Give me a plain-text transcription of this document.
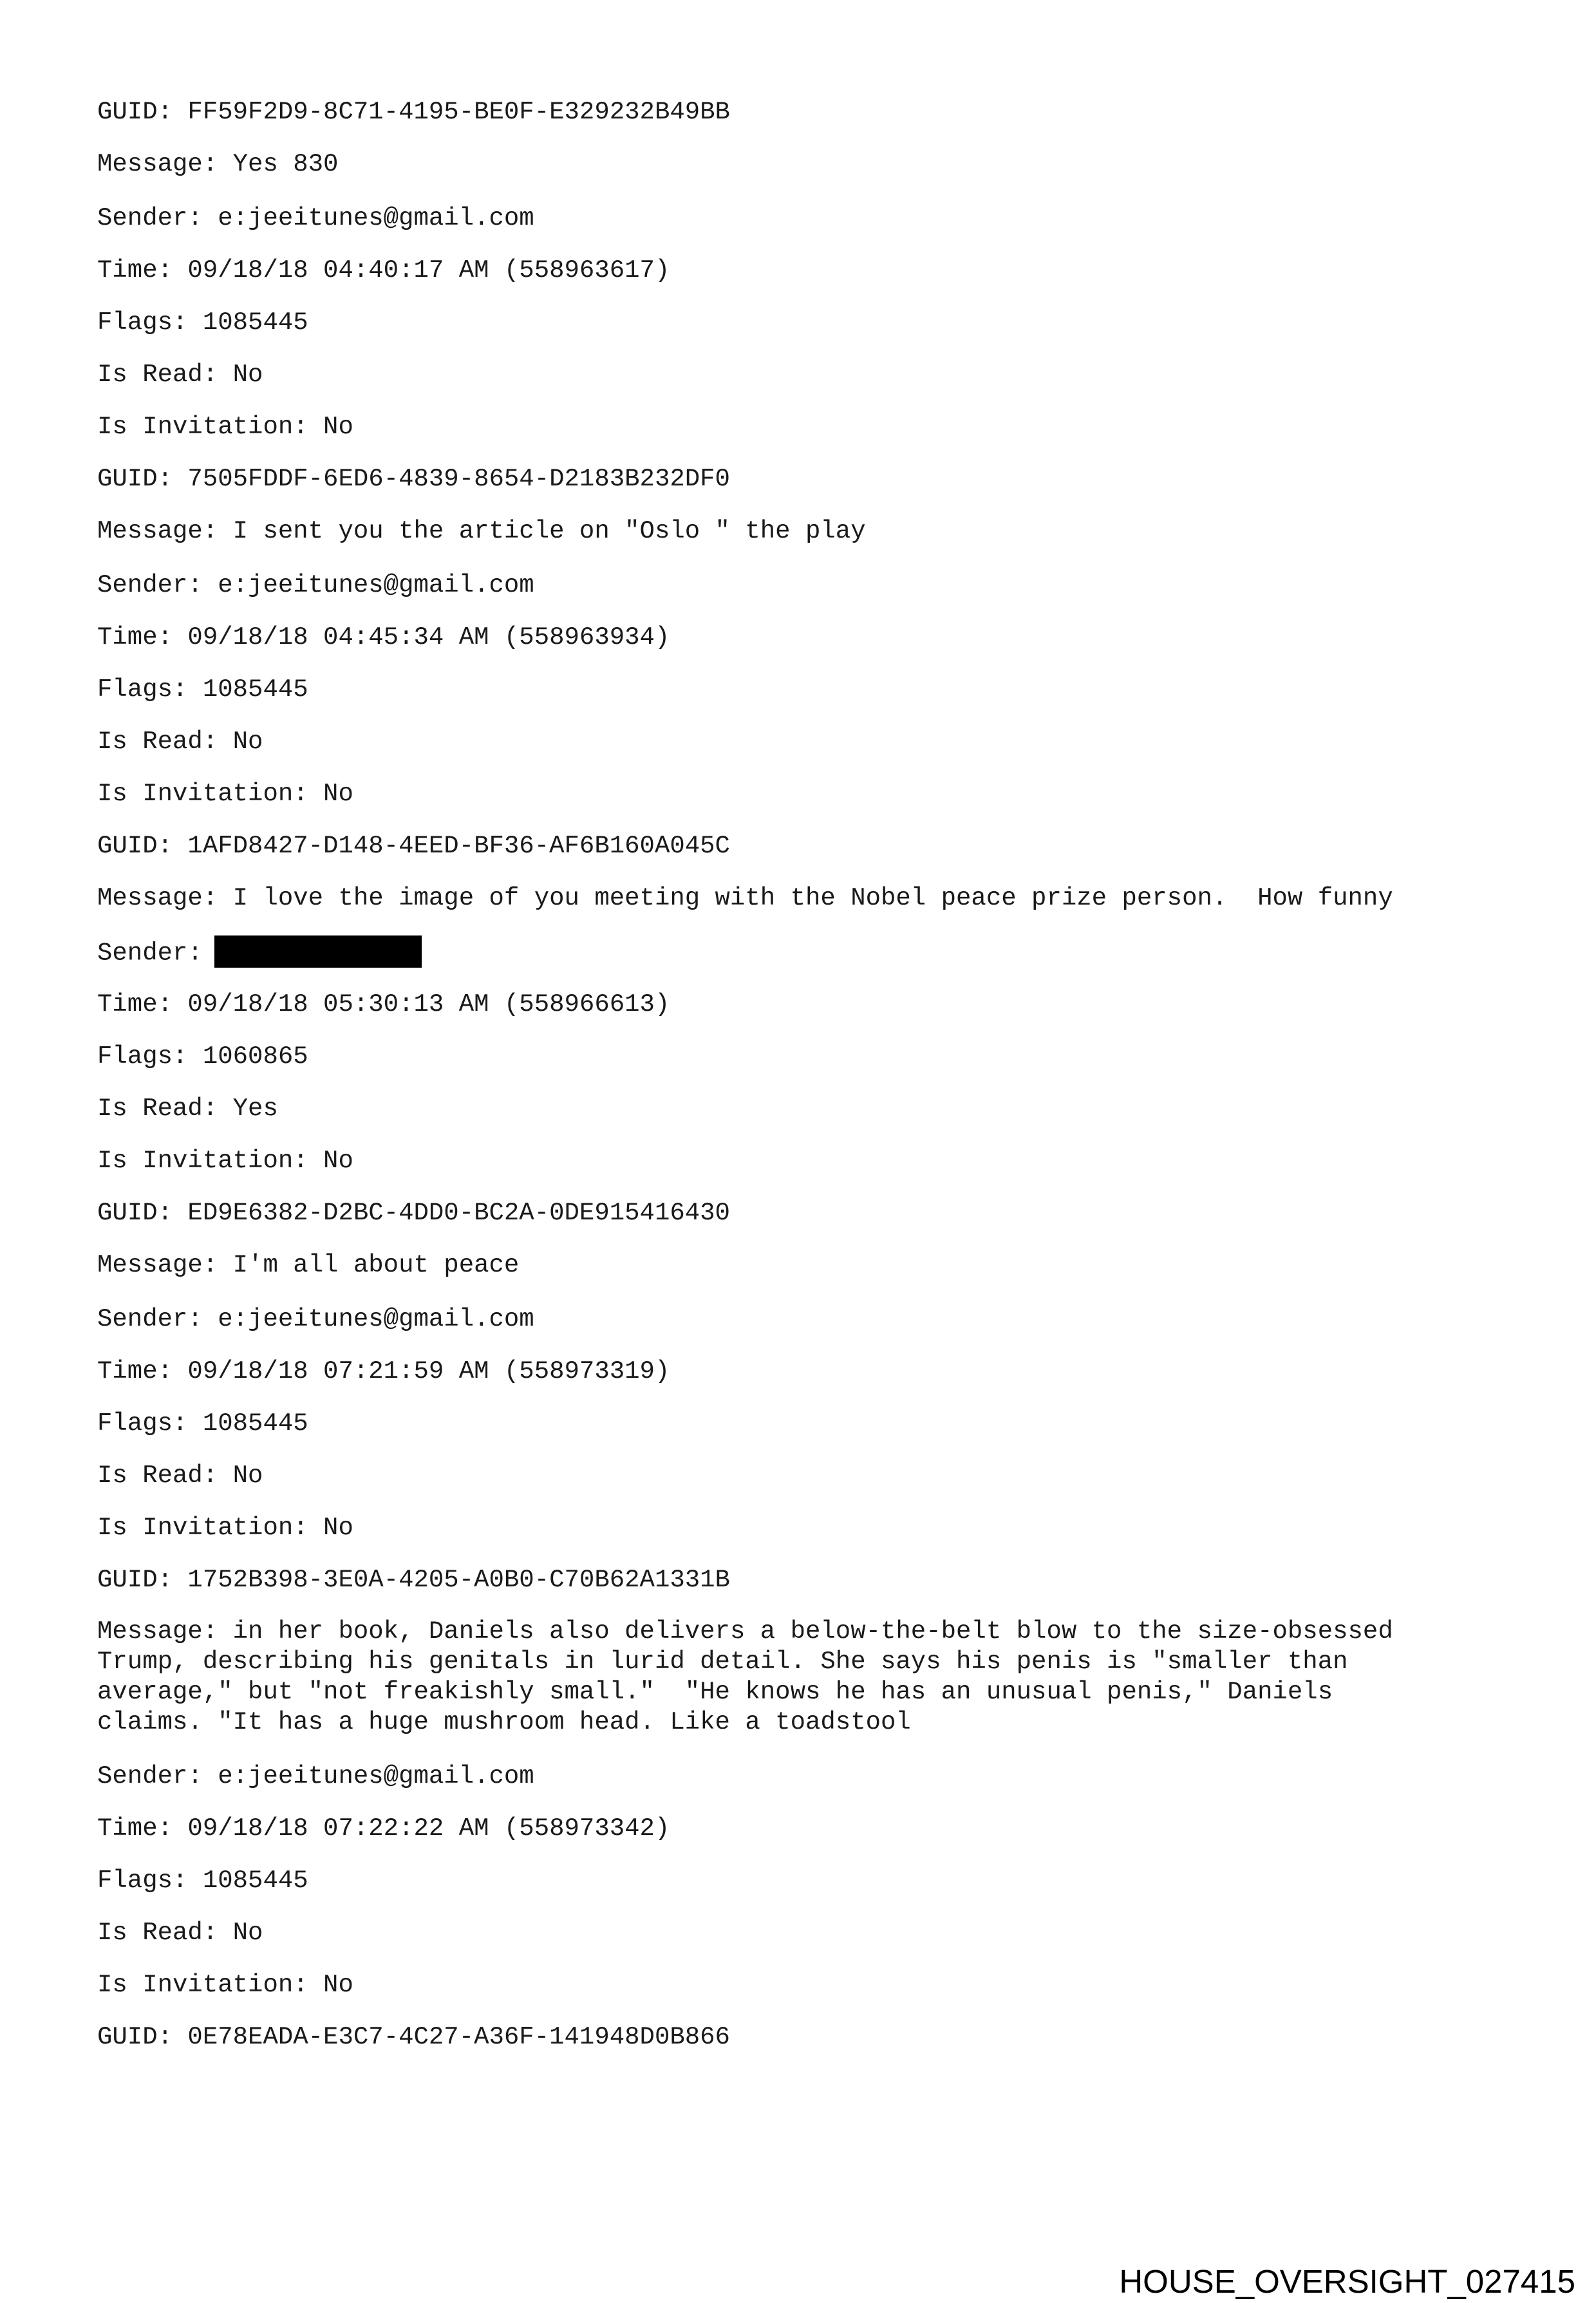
GUID: FF59F2D9-8C71-4195-BE0F-E329232B49BB
Message: Yes 830
Sender: e:jeeitunes@gmail.com
Time: 09/18/18 04:40:17 AM (558963617)
Flags: 1085445
Is Read: No
Is Invitation: No
GUID: 7505FDDF-6ED6-4839-8654-D2183B232DF0
Message: I sent you the article on "Oslo " the play
Sender: e:jeeitunes@gmail.com
Time: 09/18/18 04:45:34 AM (558963934)
Flags: 1085445
Is Read: No
Is Invitation: No
GUID: 1AFD8427-D148-4EED-BF36-AF6B160A045C
Message: I love the image of you meeting with the Nobel peace prize person.  How funny
Sender:
Time: 09/18/18 05:30:13 AM (558966613)
Flags: 1060865
Is Read: Yes
Is Invitation: No
GUID: ED9E6382-D2BC-4DD0-BC2A-0DE915416430
Message: I'm all about peace
Sender: e:jeeitunes@gmail.com
Time: 09/18/18 07:21:59 AM (558973319)
Flags: 1085445
Is Read: No
Is Invitation: No
GUID: 1752B398-3E0A-4205-A0B0-C70B62A1331B
Message: in her book, Daniels also delivers a below-the-belt blow to the size-obsessed
Trump, describing his genitals in lurid detail. She says his penis is "smaller than
average," but "not freakishly small."  "He knows he has an unusual penis," Daniels
claims. "It has a huge mushroom head. Like a toadstool
Sender: e:jeeitunes@gmail.com
Time: 09/18/18 07:22:22 AM (558973342)
Flags: 1085445
Is Read: No
Is Invitation: No
GUID: 0E78EADA-E3C7-4C27-A36F-141948D0B866
HOUSE_OVERSIGHT_027415
